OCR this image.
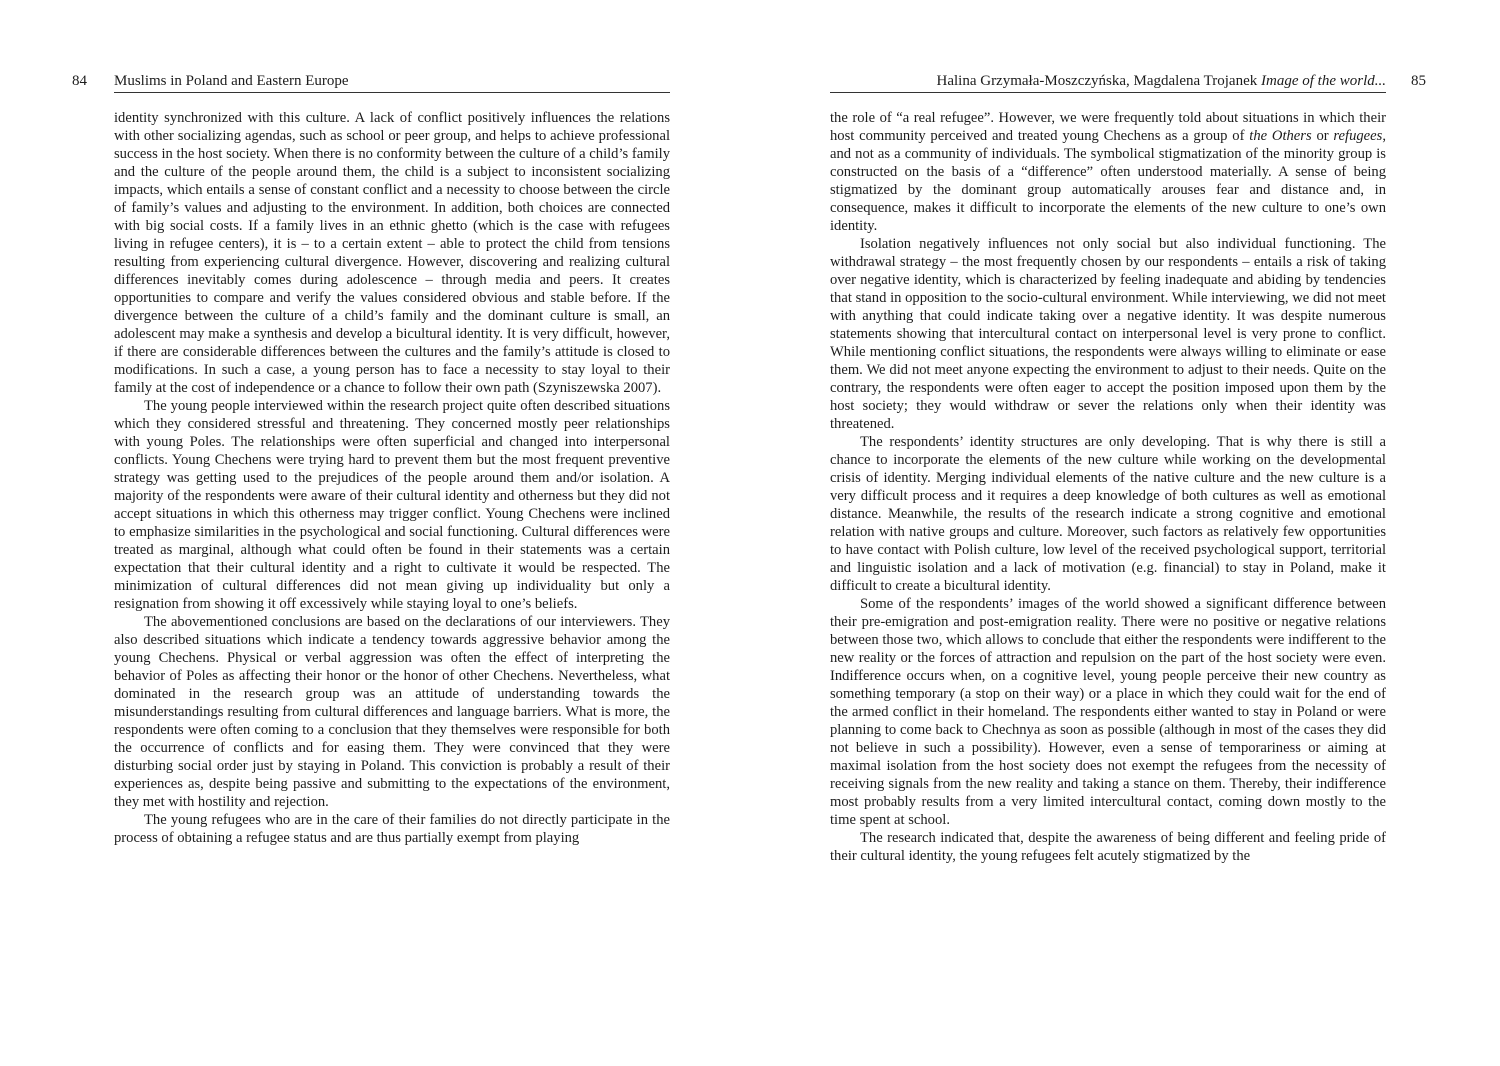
84	85
Muslims in Poland and Eastern Europe

identity synchronized with this culture. A lack of conflict positively influences the relations with other socializing agendas, such as school or peer group, and helps to achieve professional success in the host society. When there is no conformity between the culture of a child’s family and the culture of the people around them, the child is a subject to inconsistent socializing impacts, which entails a sense of constant conflict and a necessity to choose between the circle of family’s values and adjusting to the environment. In addition, both choices are connected with big social costs. If a family lives in an ethnic ghetto (which is the case with refugees living in refugee centers), it is – to a certain extent – able to protect the child from tensions resulting from experiencing cultural divergence. However, discovering and realizing cultural differences inevitably comes during adolescence – through media and peers. It creates opportunities to compare and verify the values considered obvious and stable before. If the divergence between the culture of a child’s family and the dominant culture is small, an adolescent may make a synthesis and develop a bicultural identity. It is very difficult, however, if there are considerable differences between the cultures and the family’s attitude is closed to modifications. In such a case, a young person has to face a necessity to stay loyal to their family at the cost of independence or a chance to follow their own path (Szyniszewska 2007).

The young people interviewed within the research project quite often described situations which they considered stressful and threatening. They concerned mostly peer relationships with young Poles. The relationships were often superficial and changed into interpersonal conflicts. Young Chechens were trying hard to prevent them but the most frequent preventive strategy was getting used to the prejudices of the people around them and/or isolation. A majority of the respondents were aware of their cultural identity and otherness but they did not accept situations in which this otherness may trigger conflict. Young Chechens were inclined to emphasize similarities in the psychological and social functioning. Cultural differences were treated as marginal, although what could often be found in their statements was a certain expectation that their cultural identity and a right to cultivate it would be respected. The minimization of cultural differences did not mean giving up individuality but only a resignation from showing it off excessively while staying loyal to one’s beliefs.

The abovementioned conclusions are based on the declarations of our interviewers. They also described situations which indicate a tendency towards aggressive behavior among the young Chechens. Physical or verbal aggression was often the effect of interpreting the behavior of Poles as affecting their honor or the honor of other Chechens. Nevertheless, what dominated in the research group was an attitude of understanding towards the misunderstandings resulting from cultural differences and language barriers. What is more, the respondents were often coming to a conclusion that they themselves were responsible for both the occurrence of conflicts and for easing them. They were convinced that they were disturbing social order just by staying in Poland. This conviction is probably a result of their experiences as, despite being passive and submitting to the expectations of the environment, they met with hostility and rejection.

The young refugees who are in the care of their families do not directly participate in the process of obtaining a refugee status and are thus partially exempt from playing

Halina Grzymała-Moszczyńska, Magdalena Trojanek Image of the world...

the role of “a real refugee”. However, we were frequently told about situations in which their host community perceived and treated young Chechens as a group of the Others or refugees, and not as a community of individuals. The symbolical stigmatization of the minority group is constructed on the basis of a “difference” often understood materially. A sense of being stigmatized by the dominant group automatically arouses fear and distance and, in consequence, makes it difficult to incorporate the elements of the new culture to one’s own identity.

Isolation negatively influences not only social but also individual functioning. The withdrawal strategy – the most frequently chosen by our respondents – entails a risk of taking over negative identity, which is characterized by feeling inadequate and abiding by tendencies that stand in opposition to the socio-cultural environment. While interviewing, we did not meet with anything that could indicate taking over a negative identity. It was despite numerous statements showing that intercultural contact on interpersonal level is very prone to conflict. While mentioning conflict situations, the respondents were always willing to eliminate or ease them. We did not meet anyone expecting the environment to adjust to their needs. Quite on the contrary, the respondents were often eager to accept the position imposed upon them by the host society; they would withdraw or sever the relations only when their identity was threatened.

The respondents’ identity structures are only developing. That is why there is still a chance to incorporate the elements of the new culture while working on the developmental crisis of identity. Merging individual elements of the native culture and the new culture is a very difficult process and it requires a deep knowledge of both cultures as well as emotional distance. Meanwhile, the results of the research indicate a strong cognitive and emotional relation with native groups and culture. Moreover, such factors as relatively few opportunities to have contact with Polish culture, low level of the received psychological support, territorial and linguistic isolation and a lack of motivation (e.g. financial) to stay in Poland, make it difficult to create a bicultural identity.

Some of the respondents’ images of the world showed a significant difference between their pre-emigration and post-emigration reality. There were no positive or negative relations between those two, which allows to conclude that either the respondents were indifferent to the new reality or the forces of attraction and repulsion on the part of the host society were even. Indifference occurs when, on a cognitive level, young people perceive their new country as something temporary (a stop on their way) or a place in which they could wait for the end of the armed conflict in their homeland. The respondents either wanted to stay in Poland or were planning to come back to Chechnya as soon as possible (although in most of the cases they did not believe in such a possibility). However, even a sense of temporariness or aiming at maximal isolation from the host society does not exempt the refugees from the necessity of receiving signals from the new reality and taking a stance on them. Thereby, their indifference most probably results from a very limited intercultural contact, coming down mostly to the time spent at school.

The research indicated that, despite the awareness of being different and feeling pride of their cultural identity, the young refugees felt acutely stigmatized by the
